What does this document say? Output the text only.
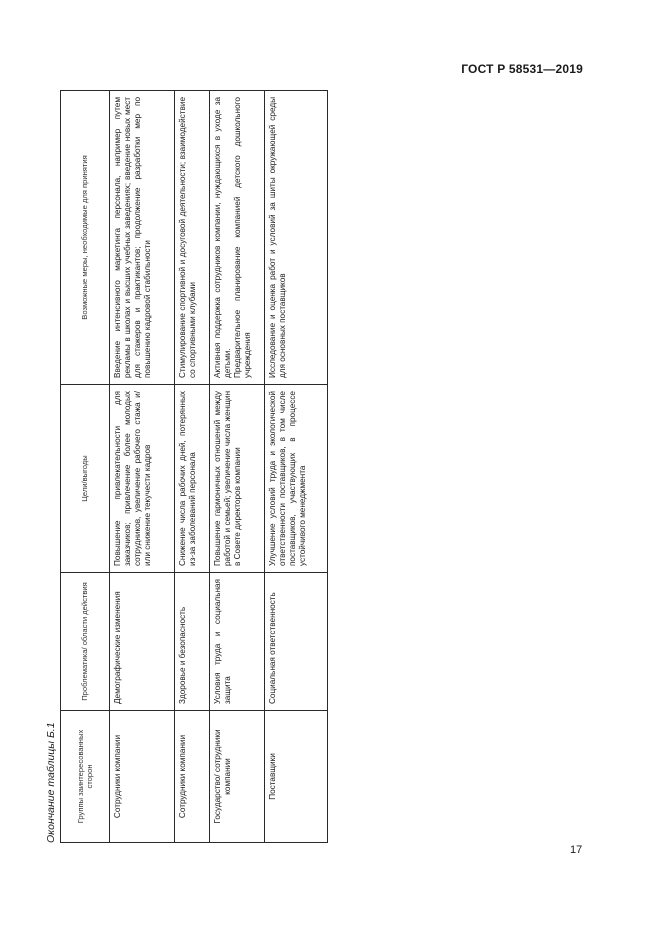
ГОСТ Р 58531—2019
Окончание таблицы Б.1 Группы заинтересованных сторон	Проблематика/ области действия	Цели/выгоды	Возможные меры, необходимые для принятия
Сотрудники компании	Демографические изменения	Повышение привлекательности для заказчиков; привлечение более молодых сотрудников, увеличение рабочего стажа и/или снижение текучести кадров	Введение интенсивного маркетинга персонала, например путем рекламы в школах и высших учебных заведениях; введение новых мест для стажеров и практикантов; продолжение разработки мер по повышению кадровой стабильности

Сотрудники компании	Здоровье и безопасность	Снижение числа рабочих дней, потерянных из-за заболеваний персонала	Стимулирование спортивной и досуговой деятельности; взаимодействие со спортивными клубами

Государство/ сотрудники компании	Условия труда и социальная защита	Повышение гармоничных отношений между работой и семьей; увеличение числа женщин в Совете директоров компании	Активная поддержка сотрудников компании, нуждающихся в уходе за детьми. Предварительное планирование компанией детского дошкольного учреждения

Поставщики	Социальная ответственность	Улучшение условий труда и экологической ответственности поставщиков, в том числе поставщиков, участвующих в процессе устойчивого менеджмента	Исследование и оценка работ и условий за шиты окружающей среды для основных поставщиков
17
